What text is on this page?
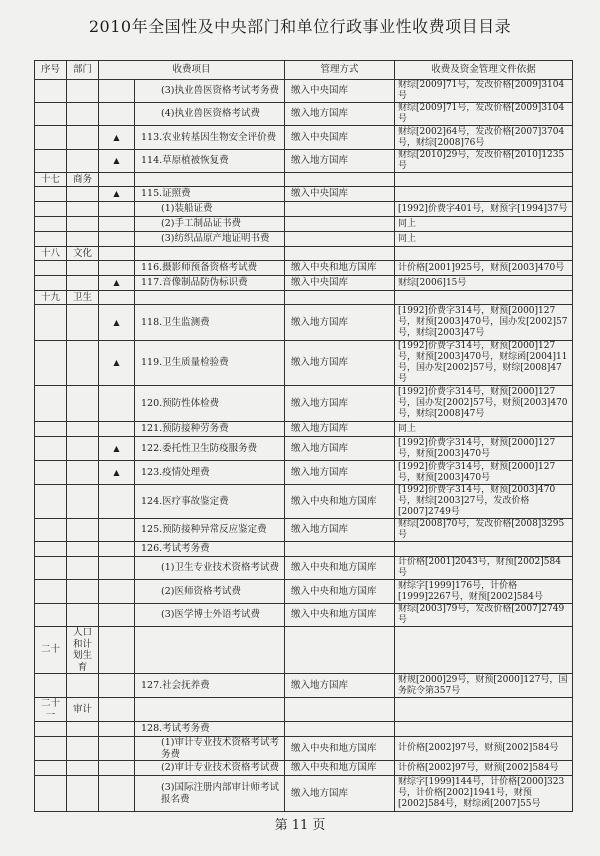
2010年全国性及中央部门和单位行政事业性收费项目目录
序号	部门	收费项目		管理方式	收费及资金管理文件依据
			(3)执业兽医资格考试考务费	缴入中央国库	财综[2009]71号，发改价格[2009]3104号
			(4)执业兽医资格考试费	缴入地方国库	财综[2009]71号，发改价格[2009]3104号
		▲	113.农业转基因生物安全评价费	缴入中央国库	财综[2002]64号，发改价格[2007]3704号，财综[2008]76号
		▲	114.草原植被恢复费	缴入地方国库	财综[2010]29号，发改价格[2010]1235号
十七	商务				
		▲	115.证照费	缴入中央国库	
			(1)装船证费		[1992]价费字401号，财预字[1994]37号
			(2)手工制品证书费		同上
			(3)纺织品原产地证明书费		同上
十八	文化				
			116.摄影师预备资格考试费	缴入中央和地方国库	计价格[2001]925号，财预[2003]470号
		▲	117.音像制品防伪标识费	缴入中央国库	财综[2006]15号
十九	卫生				
		▲	118.卫生监测费	缴入地方国库	[1992]价费字314号，财预[2000]127号，财预[2003]470号，国办发[2002]57号，财综[2003]47号
		▲	119.卫生质量检验费	缴入地方国库	[1992]价费字314号，财预[2000]127号，财预[2003]470号，财综函[2004]11号，国办发[2002]57号，财综[2008]47号
			120.预防性体检费	缴入地方国库	[1992]价费字314号，财预[2000]127号，国办发[2002]57号，财预[2003]470号，财综[2008]47号
			121.预防接种劳务费	缴入地方国库	同上
		▲	122.委托性卫生防疫服务费	缴入地方国库	[1992]价费字314号，财预[2000]127号，财预[2003]470号
		▲	123.疫情处理费	缴入地方国库	[1992]价费字314号，财预[2000]127号，财预[2003]470号
			124.医疗事故鉴定费	缴入中央和地方国库	[1992]价费字314号，财预[2003]470号，财综[2003]27号，发改价格[2007]2749号
			125.预防接种异常反应鉴定费	缴入地方国库	财综[2008]70号，发改价格[2008]3295号
			126.考试考务费		
			(1)卫生专业技术资格考试费	缴入中央和地方国库	计价格[2001]2043号，财预[2002]584号
			(2)医师资格考试费	缴入中央和地方国库	财综字[1999]176号，计价格[1999]2267号，财预[2002]584号
			(3)医学博士外语考试费	缴入中央和地方国库	财综[2003]79号，发改价格[2007]2749号
二十	人口和计划生育				
			127.社会抚养费	缴入地方国库	财规[2000]29号，财预[2000]127号，国务院令第357号
二十一	审计				
			128.考试考务费		
			(1)审计专业技术资格考试考务费	缴入中央和地方国库	计价格[2002]97号，财预[2002]584号
			(2)审计专业技术资格考试费	缴入中央和地方国库	计价格[2002]97号，财预[2002]584号
			(3)国际注册内部审计师考试报名费	缴入地方国库	财综字[1999]144号，计价格[2000]323号，计价格[2002]1941号，财预[2002]584号，财综函[2007]55号
第 11 页
